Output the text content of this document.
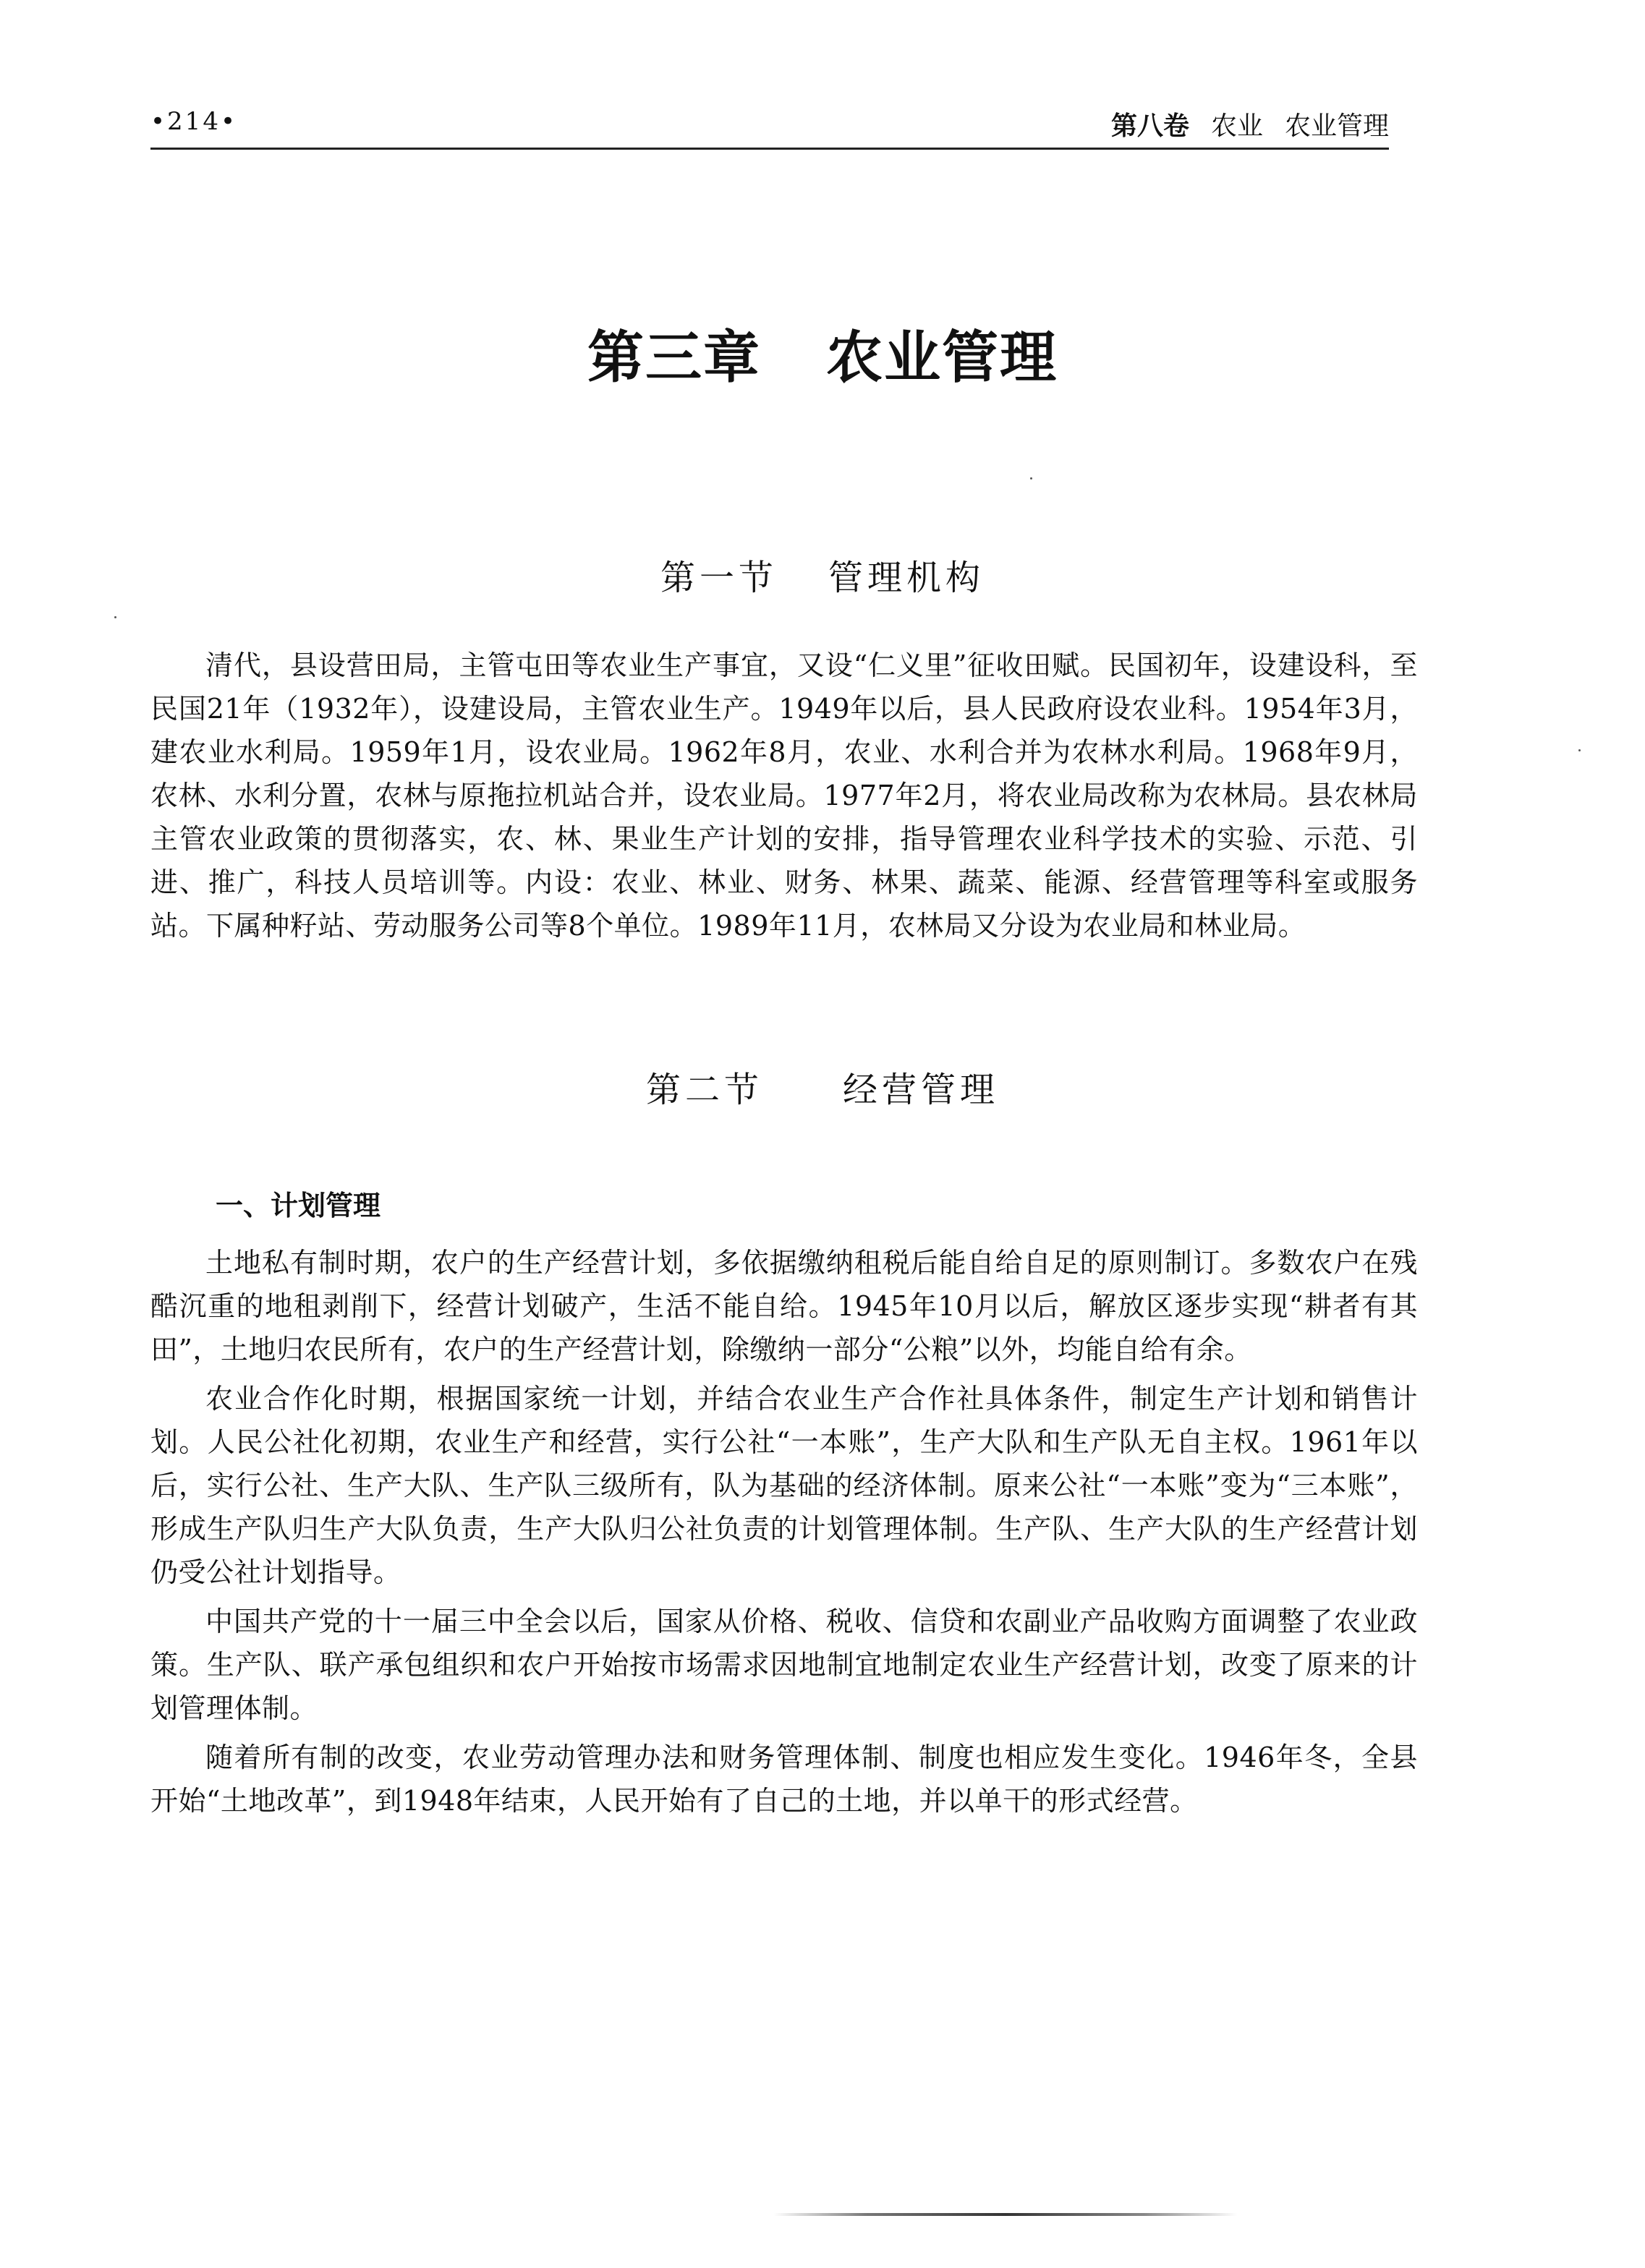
•214•	第八卷 农业 农业管理
第三章 农业管理
第一节 管理机构

清代，县设营田局，主管屯田等农业生产事宜，又设“仁义里”征收田赋。民国初年，设建设科，至民国21年（1932年），设建设局，主管农业生产。1949年以后，县人民政府设农业科。1954年3月，建农业水利局。1959年1月，设农业局。1962年8月，农业、水利合并为农林水利局。1968年9月，农林、水利分置，农林与原拖拉机站合并，设农业局。1977年2月，将农业局改称为农林局。县农林局主管农业政策的贯彻落实，农、林、果业生产计划的安排，指导管理农业科学技术的实验、示范、引进、推广，科技人员培训等。内设：农业、林业、财务、林果、蔬菜、能源、经营管理等科室或服务站。下属种籽站、劳动服务公司等8个单位。1989年11月，农林局又分设为农业局和林业局。

第二节 经营管理
一、计划管理

土地私有制时期，农户的生产经营计划，多依据缴纳租税后能自给自足的原则制订。多数农户在残酷沉重的地租剥削下，经营计划破产，生活不能自给。1945年10月以后，解放区逐步实现“耕者有其田”，土地归农民所有，农户的生产经营计划，除缴纳一部分“公粮”以外，均能自给有余。

农业合作化时期，根据国家统一计划，并结合农业生产合作社具体条件，制定生产计划和销售计划。人民公社化初期，农业生产和经营，实行公社“一本账”，生产大队和生产队无自主权。1961年以后，实行公社、生产大队、生产队三级所有，队为基础的经济体制。原来公社“一本账”变为“三本账”，形成生产队归生产大队负责，生产大队归公社负责的计划管理体制。生产队、生产大队的生产经营计划仍受公社计划指导。

中国共产党的十一届三中全会以后，国家从价格、税收、信贷和农副业产品收购方面调整了农业政策。生产队、联产承包组织和农户开始按市场需求因地制宜地制定农业生产经营计划，改变了原来的计划管理体制。

随着所有制的改变，农业劳动管理办法和财务管理体制、制度也相应发生变化。1946年冬，全县开始“土地改革”，到1948年结束，人民开始有了自己的土地，并以单干的形式经营。
